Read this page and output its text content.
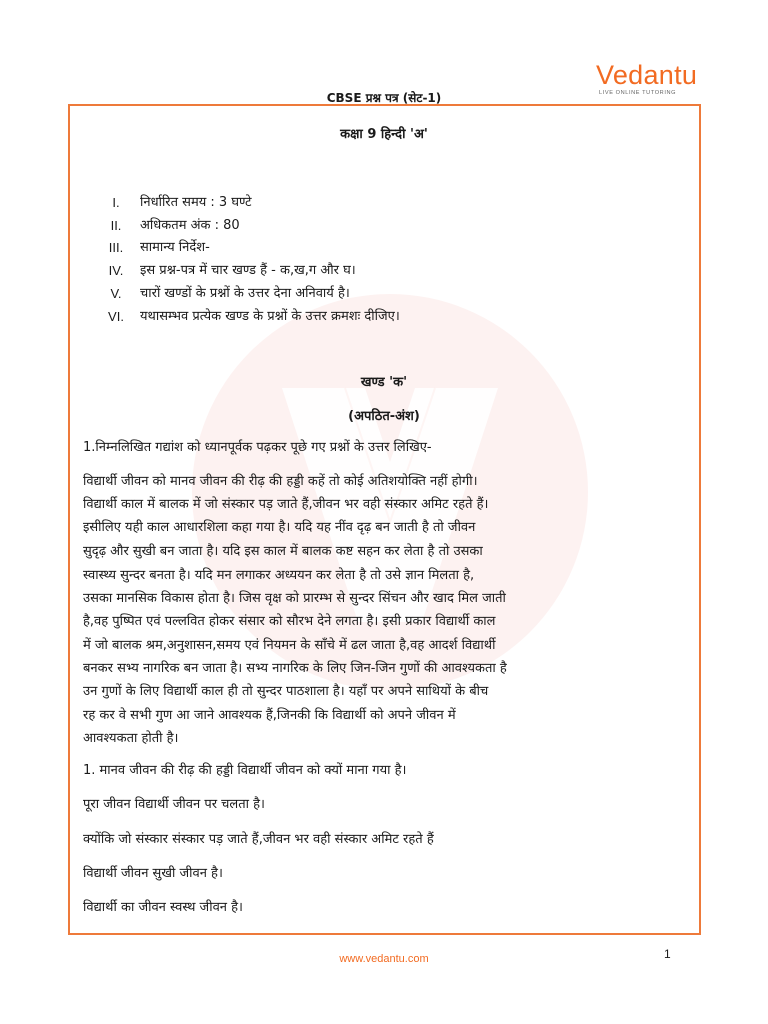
Vedantu
LIVE ONLINE TUTORING
CBSE प्रश्न पत्र (सेट-1)
कक्षा 9 हिन्दी 'अ'
I.	निर्धारित समय : 3 घण्टे
II.	अधिकतम अंक : 80
III.	सामान्य निर्देश-
IV.	इस प्रश्न-पत्र में चार खण्ड हैं - क,ख,ग और घ।
V.	चारों खण्डों के प्रश्नों के उत्तर देना अनिवार्य है।
VI.	यथासम्भव प्रत्येक खण्ड के प्रश्नों के उत्तर क्रमशः दीजिए।
खण्ड 'क'
(अपठित-अंश)
1.निम्नलिखित गद्यांश को ध्यानपूर्वक पढ़कर पूछे गए प्रश्नों के उत्तर लिखिए-
विद्यार्थी जीवन को मानव जीवन की रीढ़ की हड्डी कहें तो कोई अतिशयोक्ति नहीं होगी।
विद्यार्थी काल में बालक में जो संस्कार पड़ जाते हैं,जीवन भर वही संस्कार अमिट रहते हैं।
इसीलिए यही काल आधारशिला कहा गया है। यदि यह नींव दृढ़ बन जाती है तो जीवन
सुदृढ़ और सुखी बन जाता है। यदि इस काल में बालक कष्ट सहन कर लेता है तो उसका
स्वास्थ्य सुन्दर बनता है। यदि मन लगाकर अध्ययन कर लेता है तो उसे ज्ञान मिलता है,
उसका मानसिक विकास होता है। जिस वृक्ष को प्रारम्भ से सुन्दर सिंचन और खाद मिल जाती
है,वह पुष्पित एवं पल्लवित होकर संसार को सौरभ देने लगता है। इसी प्रकार विद्यार्थी काल
में जो बालक श्रम,अनुशासन,समय एवं नियमन के साँचे में ढल जाता है,वह आदर्श विद्यार्थी
बनकर सभ्य नागरिक बन जाता है। सभ्य नागरिक के लिए जिन-जिन गुणों की आवश्यकता है
उन गुणों के लिए विद्यार्थी काल ही तो सुन्दर पाठशाला है। यहाँ पर अपने साथियों के बीच
रह कर वे सभी गुण आ जाने आवश्यक हैं,जिनकी कि विद्यार्थी को अपने जीवन में
आवश्यकता होती है।
1. मानव जीवन की रीढ़ की हड्डी विद्यार्थी जीवन को क्यों माना गया है।
पूरा जीवन विद्यार्थी जीवन पर चलता है।
क्योंकि जो संस्कार संस्कार पड़ जाते हैं,जीवन भर वही संस्कार अमिट रहते हैं
विद्यार्थी जीवन सुखी जीवन है।
विद्यार्थी का जीवन स्वस्थ जीवन है।
www.vedantu.com	1
